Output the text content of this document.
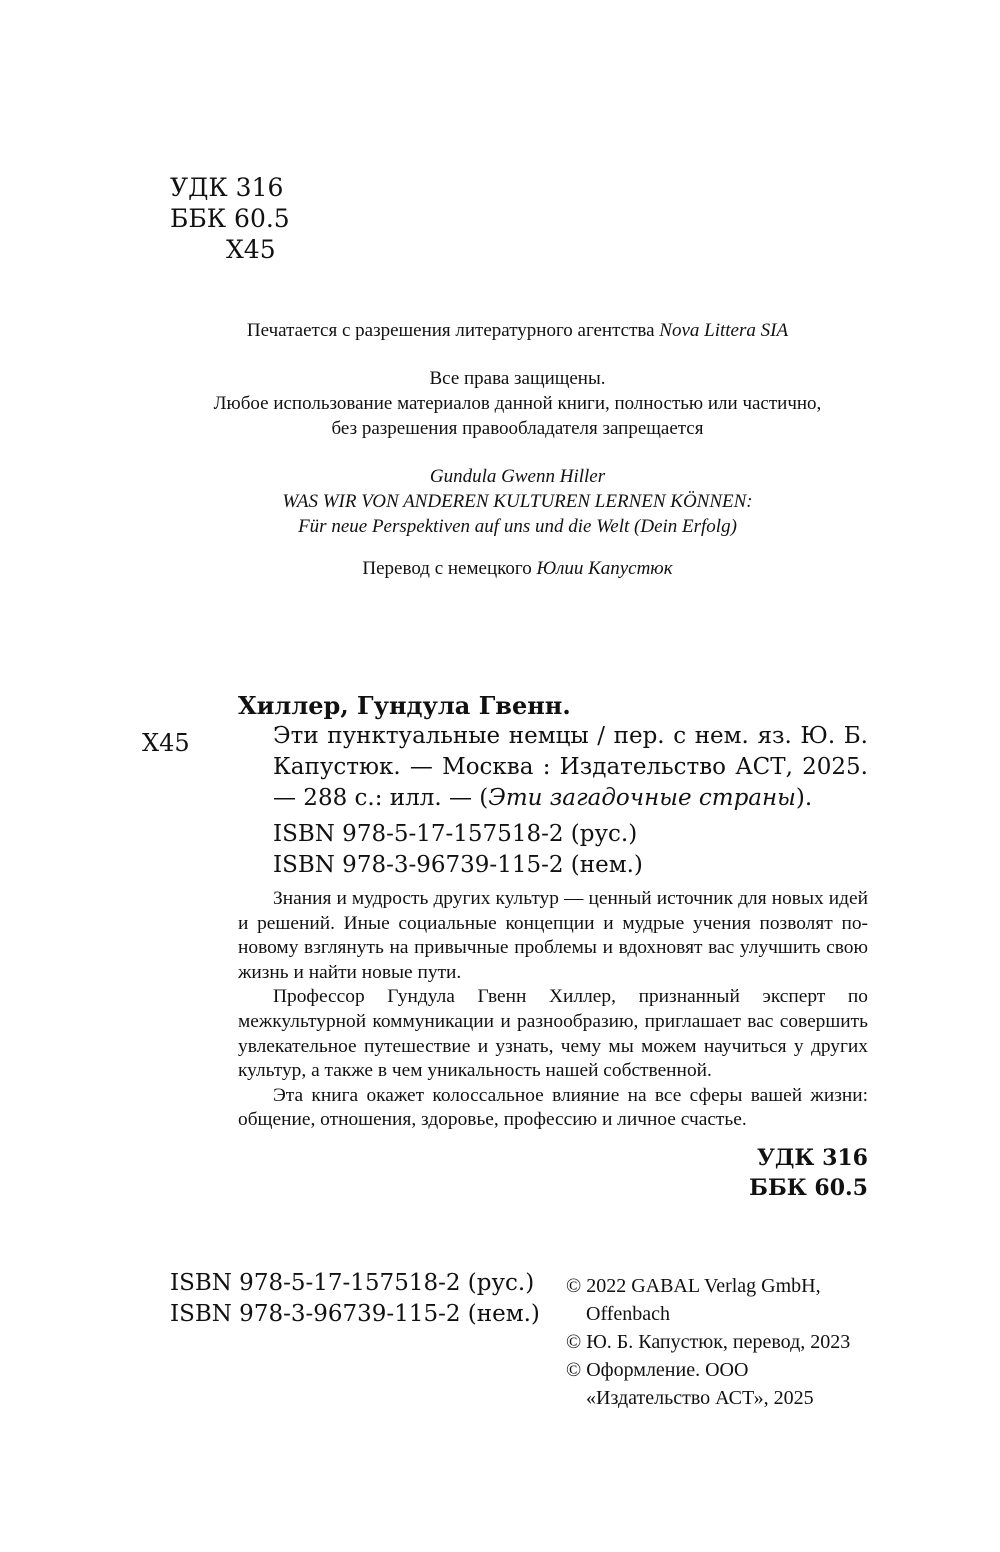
УДК 316
ББК 60.5
Х45
Печатается с разрешения литературного агентства Nova Littera SIA
Все права защищены.
Любое использование материалов данной книги, полностью или частично,
без разрешения правообладателя запрещается
Gundula Gwenn Hiller
WAS WIR VON ANDEREN KULTUREN LERNEN KÖNNEN:
Für neue Perspektiven auf uns und die Welt (Dein Erfolg)
Перевод с немецкого Юлии Капустюк
Х45
Хиллер, Гундула Гвенн.
Эти пунктуальные немцы / пер. с нем. яз. Ю. Б. Капустюк. — Москва : Издательство АСТ, 2025. — 288 с.: илл. — (Эти загадочные страны).
ISBN 978-5-17-157518-2 (рус.)
ISBN 978-3-96739-115-2 (нем.)

Знания и мудрость других культур — ценный источник для новых идей и решений. Иные социальные концепции и мудрые учения позволят по-новому взглянуть на привычные проблемы и вдохновят вас улучшить свою жизнь и найти новые пути.

Профессор Гундула Гвенн Хиллер, признанный эксперт по межкультурной коммуникации и разнообразию, приглашает вас совершить увлекательное путешествие и узнать, чему мы можем научиться у других культур, а также в чем уникальность нашей собственной.

Эта книга окажет колоссальное влияние на все сферы вашей жизни: общение, отношения, здоровье, профессию и личное счастье.

УДК 316
ББК 60.5
ISBN 978-5-17-157518-2 (рус.)
ISBN 978-3-96739-115-2 (нем.)
© 2022 GABAL Verlag GmbH, Offenbach
© Ю. Б. Капустюк, перевод, 2023
© Оформление. ООО «Издательство АСТ», 2025
